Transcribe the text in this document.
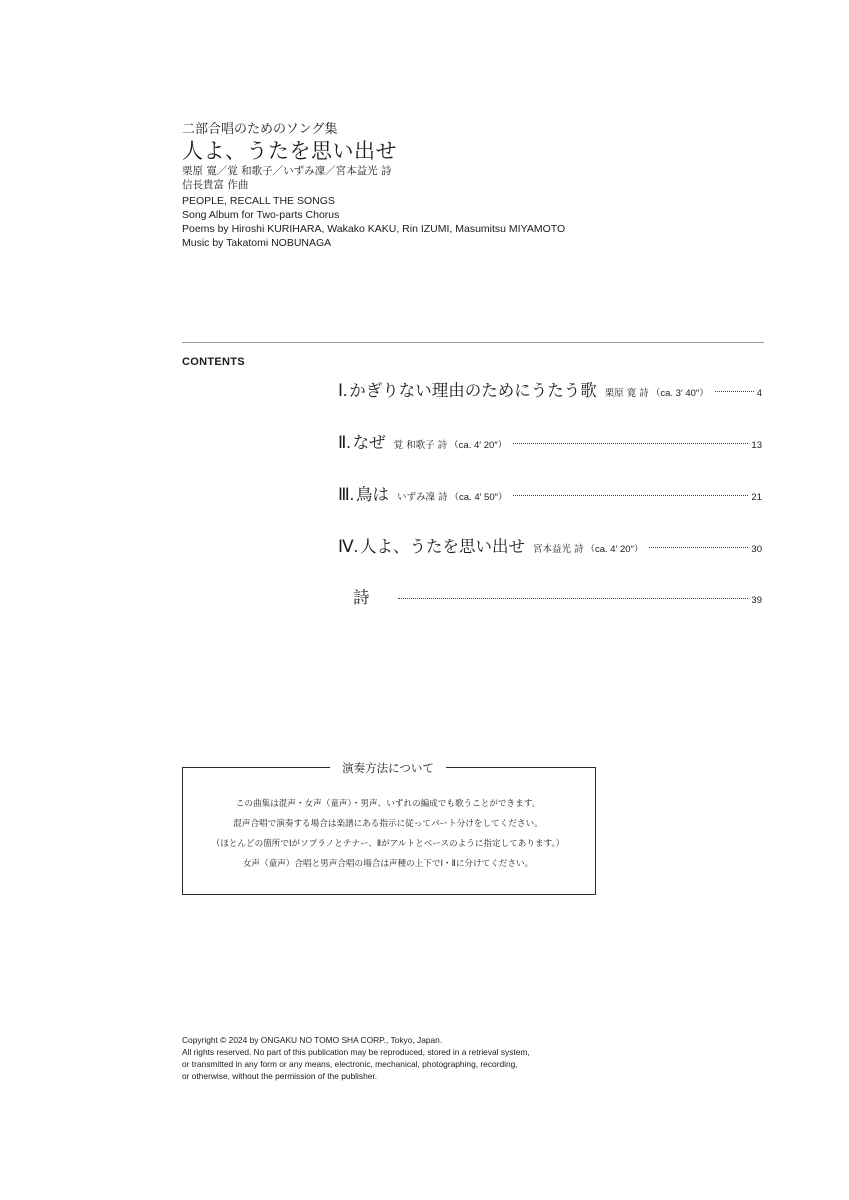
二部合唱のためのソング集
人よ、うたを思い出せ
栗原 寛／覚 和歌子／いずみ凜／宮本益光 詩
信長貴富 作曲
PEOPLE, RECALL THE SONGS
Song Album for Two-parts Chorus
Poems by Hiroshi KURIHARA, Wakako KAKU, Rin IZUMI, Masumitsu MIYAMOTO
Music by Takatomi NOBUNAGA
CONTENTS
Ⅰ. かぎりない理由のためにうたう歌 栗原 寛 詩 （ca. 3′ 40″）	4
Ⅱ. なぜ 覚 和歌子 詩 （ca. 4′ 20″）	13
Ⅲ. 鳥は いずみ凜 詩 （ca. 4′ 50″）	21
Ⅳ. 人よ、うたを思い出せ 宮本益光 詩 （ca. 4′ 20″）	30
詩	39
演奏方法について
この曲集は混声・女声（童声）・男声、いずれの編成でも歌うことができます。
混声合唱で演奏する場合は楽譜にある指示に従ってパート分けをしてください。
（ほとんどの箇所でⅠがソプラノとテナー、Ⅱがアルトとベースのように指定してあります。）
女声（童声）合唱と男声合唱の場合は声種の上下でⅠ・Ⅱに分けてください。
Copyright © 2024 by ONGAKU NO TOMO SHA CORP., Tokyo, Japan.
All rights reserved. No part of this publication may be reproduced, stored in a retrieval system,
or transmitted in any form or any means, electronic, mechanical, photographing, recording,
or otherwise, without the permission of the publisher.
